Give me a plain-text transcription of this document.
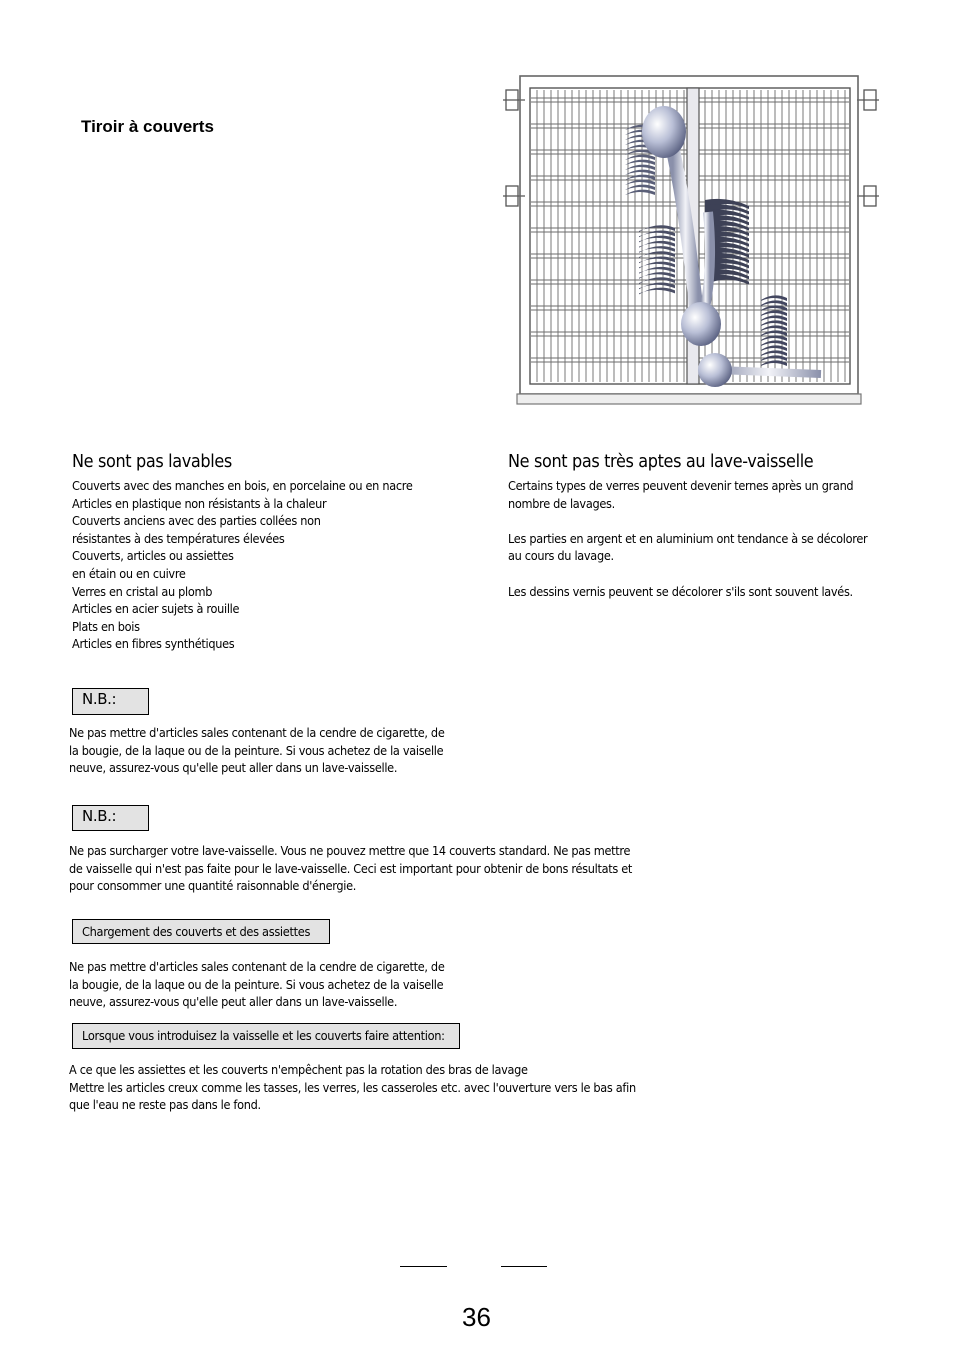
Tiroir à couverts
Ne sont pas lavables
Couverts avec des manches en bois, en porcelaine ou en nacre
Articles en plastique non résistants à la chaleur
Couverts anciens avec des parties collées non
résistantes à des températures élevées
Couverts, articles ou assiettes
en étain ou en cuivre
Verres en cristal au plomb
Articles en acier sujets à rouille
Plats en bois
Articles en fibres synthétiques
Ne sont pas très aptes au lave-vaisselle
Certains types de verres peuvent devenir ternes après un grand
nombre de lavages.
Les parties en argent et en aluminium ont tendance à se décolorer
au cours du lavage.
Les dessins vernis peuvent se décolorer s'ils sont souvent lavés.
N.B.:
Ne pas mettre d'articles sales contenant de la cendre de cigarette, de
la bougie, de la laque ou de la peinture. Si vous achetez de la vaiselle
neuve, assurez-vous qu'elle peut aller dans un lave-vaisselle.
N.B.:
Ne pas surcharger votre lave-vaisselle. Vous ne pouvez mettre que 14 couverts standard. Ne pas mettre
de vaisselle qui n'est pas faite pour le lave-vaisselle. Ceci est important pour obtenir de bons résultats et
pour consommer une quantité raisonnable d'énergie.
Chargement des couverts et des assiettes
Ne pas mettre d'articles sales contenant de la cendre de cigarette, de
la bougie, de la laque ou de la peinture. Si vous achetez de la vaiselle
neuve, assurez-vous qu'elle peut aller dans un lave-vaisselle.
Lorsque vous introduisez la vaisselle et les couverts faire attention:
A ce que les assiettes et les couverts n'empêchent pas la rotation des bras de lavage
Mettre les articles creux comme les tasses, les verres, les casseroles etc. avec l'ouverture vers le bas afin
que l'eau ne reste pas dans le fond.
36
